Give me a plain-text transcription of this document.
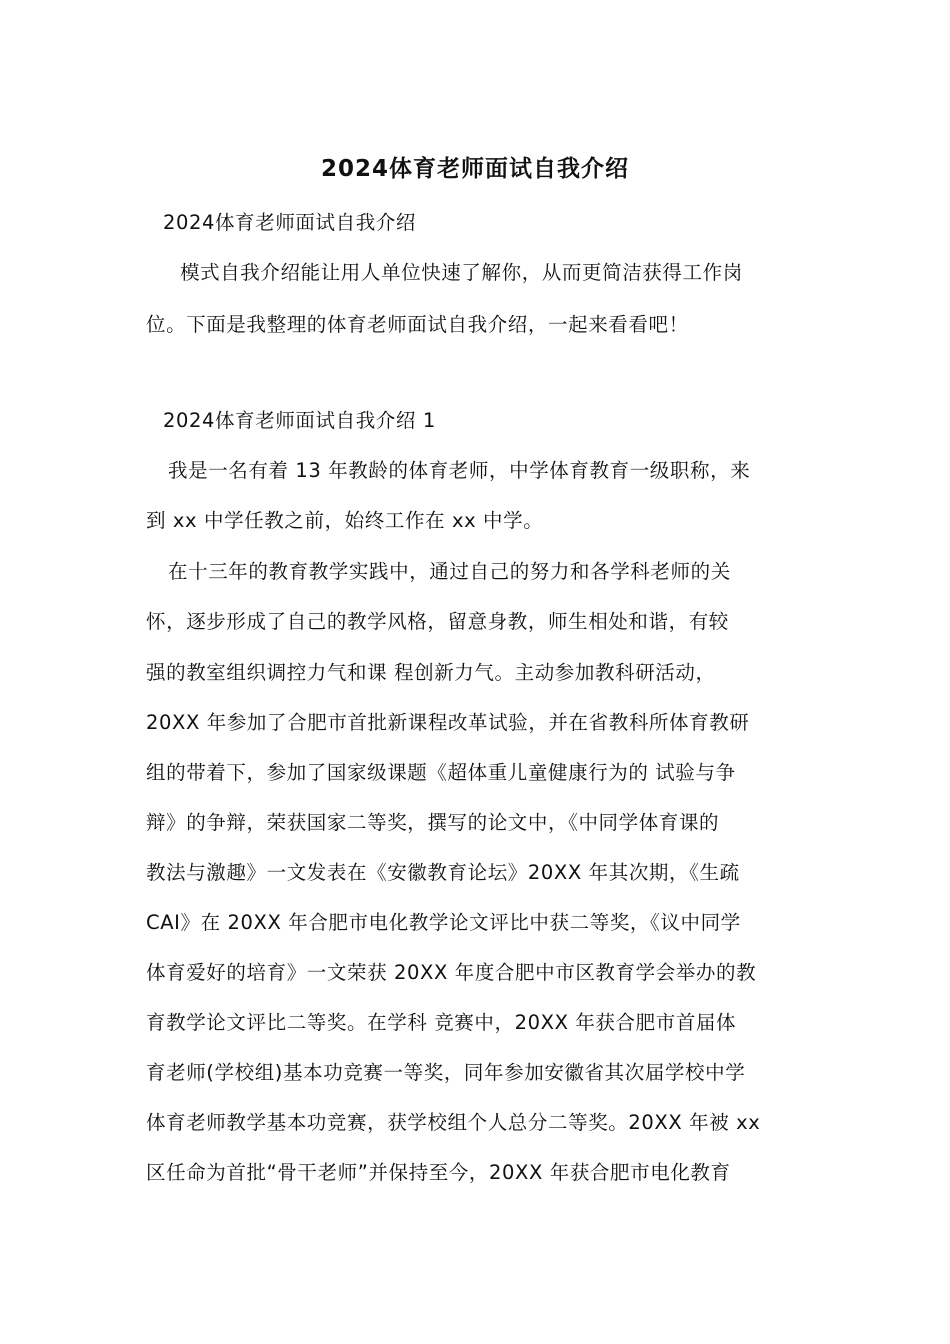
2024体育老师面试自我介绍
2024体育老师面试自我介绍
模式自我介绍能让用人单位快速了解你，从而更简洁获得工作岗
位。下面是我整理的体育老师面试自我介绍，一起来看看吧！
2024体育老师面试自我介绍 1
我是一名有着 13 年教龄的体育老师，中学体育教育一级职称，来
到 xx 中学任教之前，始终工作在 xx 中学。
在十三年的教育教学实践中，通过自己的努力和各学科老师的关
怀，逐步形成了自己的教学风格，留意身教，师生相处和谐，有较
强的教室组织调控力气和课 程创新力气。主动参加教科研活动，
20XX 年参加了合肥市首批新课程改革试验，并在省教科所体育教研
组的带着下，参加了国家级课题《超体重儿童健康行为的 试验与争
辩》的争辩，荣获国家二等奖，撰写的论文中，《中同学体育课的
教法与激趣》一文发表在《安徽教育论坛》20XX 年其次期，《生疏
CAI》在 20XX 年合肥市电化教学论文评比中获二等奖，《议中同学
体育爱好的培育》一文荣获 20XX 年度合肥中市区教育学会举办的教
育教学论文评比二等奖。在学科 竞赛中，20XX 年获合肥市首届体
育老师(学校组)基本功竞赛一等奖，同年参加安徽省其次届学校中学
体育老师教学基本功竞赛，获学校组个人总分二等奖。20XX 年被 xx
区任命为首批“骨干老师”并保持至今，20XX 年获合肥市电化教育
